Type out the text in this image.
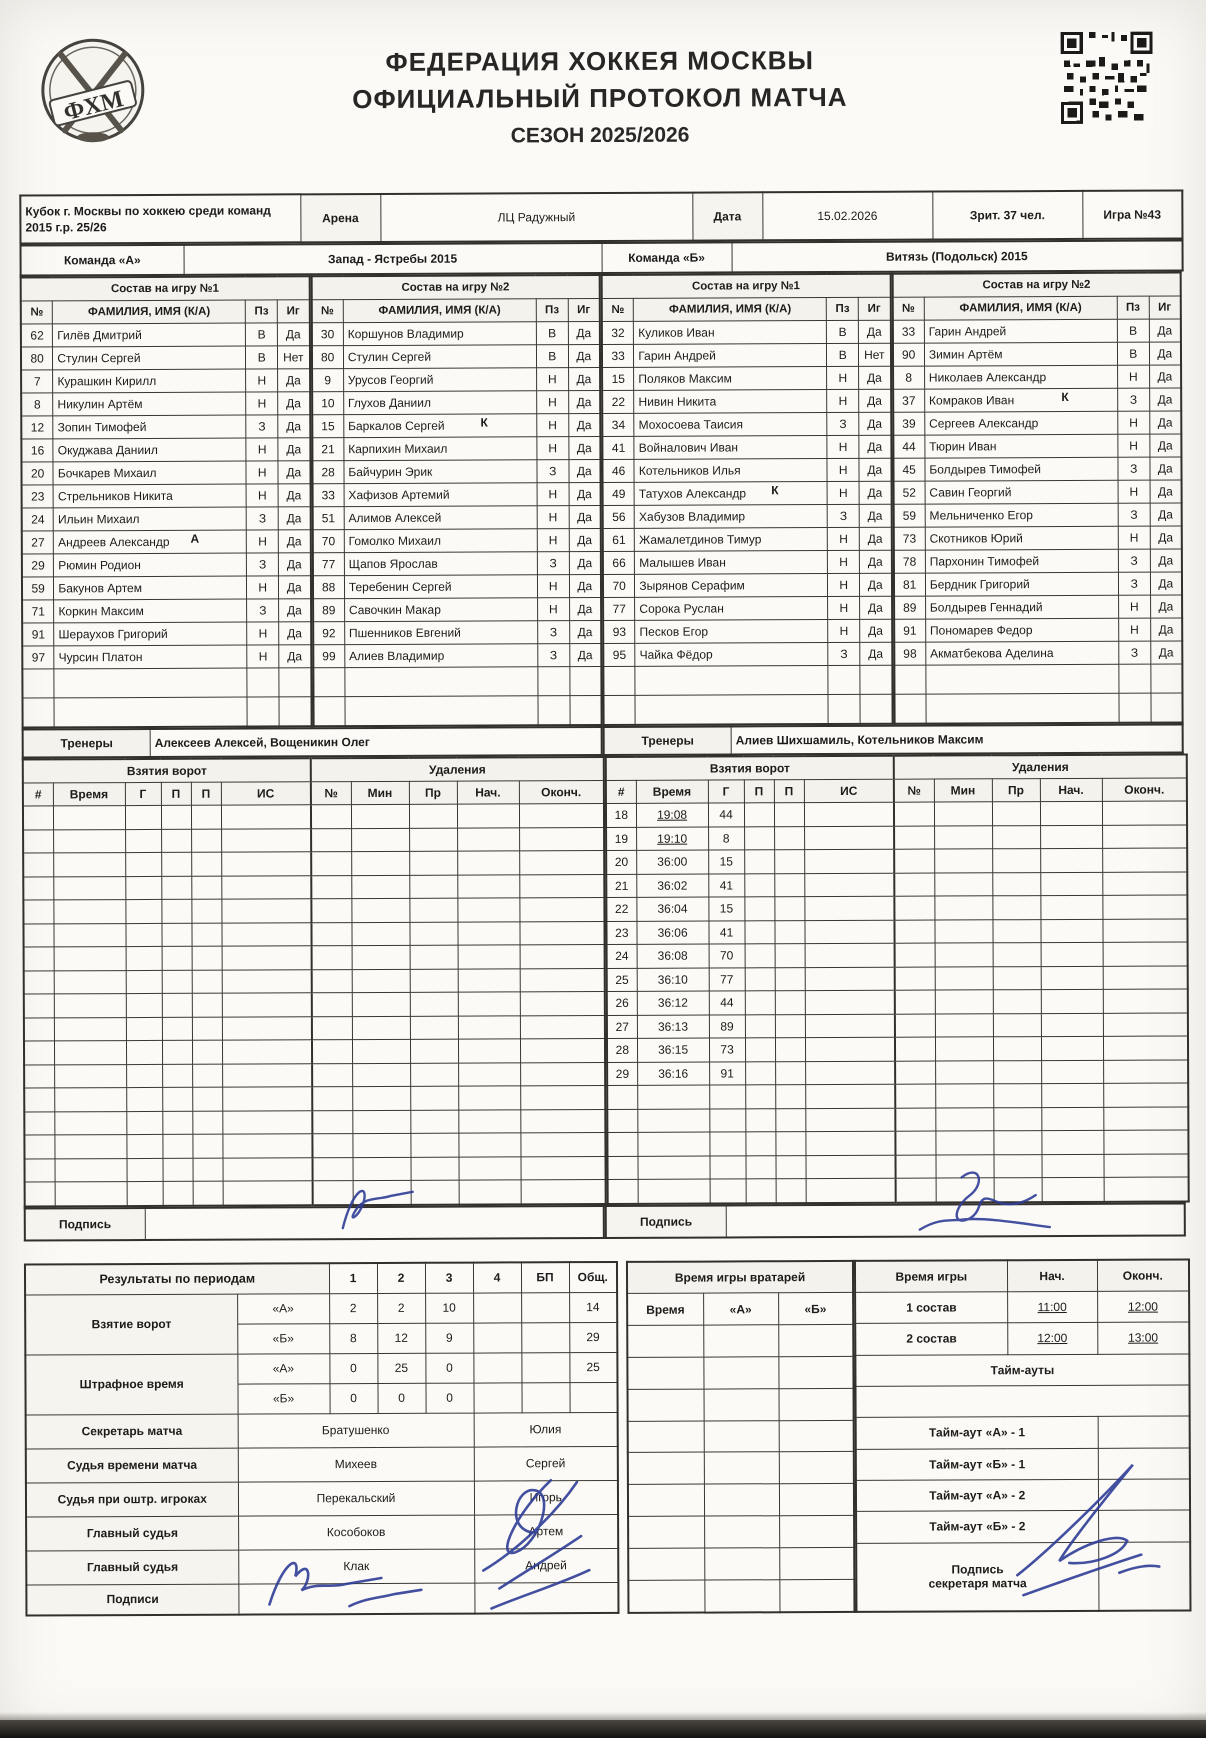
ФХМ
ФЕДЕРАЦИЯ ХОККЕЯ МОСКВЫ
ОФИЦИАЛЬНЫЙ ПРОТОКОЛ МАТЧА
СЕЗОН 2025/2026
Кубок г. Москвы по хоккею среди команд 2015 г.р. 25/26	Арена	ЛЦ Радужный	Дата	15.02.2026	Зрит. 37 чел.	Игра №43
Команда «А»	Запад - Ястребы 2015	Команда «Б»	Витязь (Подольск) 2015
Состав на игру №1			
№	ФАМИЛИЯ, ИМЯ (К/А)	Пз	Иг
62	Гилёв Дмитрий	В	Да
80	Стулин Сергей	В	Нет
7	Курашкин Кирилл	Н	Да
8	Никулин Артём	Н	Да
12	Зопин Тимофей	З	Да
16	Окуджава Даниил	Н	Да
20	Бочкарев Михаил	Н	Да
23	Стрельников Никита	Н	Да
24	Ильин Михаил	З	Да
27	Андреев Александр А	Н	Да
29	Рюмин Родион	З	Да
59	Бакунов Артем	Н	Да
71	Коркин Максим	З	Да
91	Шераухов Григорий	Н	Да
97	Чурсин Платон	Н	Да

Состав на игру №2			
№	ФАМИЛИЯ, ИМЯ (К/А)	Пз	Иг
30	Коршунов Владимир	В	Да
80	Стулин Сергей	В	Да
9	Урусов Георгий	Н	Да
10	Глухов Даниил	Н	Да
15	Баркалов Сергей К	Н	Да
21	Карпихин Михаил	Н	Да
28	Байчурин Эрик	З	Да
33	Хафизов Артемий	Н	Да
51	Алимов Алексей	Н	Да
70	Гомолко Михаил	Н	Да
77	Щапов Ярослав	З	Да
88	Теребенин Сергей	Н	Да
89	Савочкин Макар	Н	Да
92	Пшенников Евгений	З	Да
99	Алиев Владимир	З	Да

Тренеры	Алексеев Алексей, Вощеникин Олег
Состав на игру №1			
№	ФАМИЛИЯ, ИМЯ (К/А)	Пз	Иг
32	Куликов Иван	В	Да
33	Гарин Андрей	В	Нет
15	Поляков Максим	Н	Да
22	Нивин Никита	Н	Да
34	Мохосоева Таисия	З	Да
41	Войналович Иван	Н	Да
46	Котельников Илья	Н	Да
49	Татухов Александр К	Н	Да
56	Хабузов Владимир	З	Да
61	Жамалетдинов Тимур	Н	Да
66	Малышев Иван	Н	Да
70	Зырянов Серафим	Н	Да
77	Сорока Руслан	Н	Да
93	Песков Егор	Н	Да
95	Чайка Фёдор	З	Да

Состав на игру №2			
№	ФАМИЛИЯ, ИМЯ (К/А)	Пз	Иг
33	Гарин Андрей	В	Да
90	Зимин Артём	В	Да
8	Николаев Александр	Н	Да
37	Комраков Иван К	З	Да
39	Сергеев Александр	Н	Да
44	Тюрин Иван	Н	Да
45	Болдырев Тимофей	З	Да
52	Савин Георгий	Н	Да
59	Мельниченко Егор	З	Да
73	Скотников Юрий	Н	Да
78	Пархонин Тимофей	З	Да
81	Бердник Григорий	З	Да
89	Болдырев Геннадий	Н	Да
91	Пономарев Федор	Н	Да
98	Акматбекова Аделина	З	Да

Тренеры	Алиев Шихшамиль, Котельников Максим
Взятия ворот						Удаления				
#	Время	Г	П	П	ИС	№	Мин	Пр	Нач.	Оконч.

Взятия ворот						Удаления				
#	Время	Г	П	П	ИС	№	Мин	Пр	Нач.	Оконч.
18	19:08	44								
19	19:10	8								
20	36:00	15								
21	36:02	41								
22	36:04	15								
23	36:06	41								
24	36:08	70								
25	36:10	77								
26	36:12	44								
27	36:13	89								
28	36:15	73								
29	36:16	91								

Подпись		Подпись	
Результаты по периодам		1	2	3	4	БП	Общ.
Взятие ворот	«А»	2	2	10			14
	«Б»	8	12	9			29
Штрафное время	«А»	0	25	0			25
	«Б»	0	0	0			
Секретарь матча	Братушенко				Юлия		
Судья времени матча	Михеев				Сергей		
Судья при оштр. игроках	Перекальский				Игорь		
Главный судья	Кособоков				Артем		
Главный судья	Клак				Андрей		
Подписи							
Время игры вратарей		
Время	«А»	«Б»

Время игры	Нач.	Оконч.
1 состав	11:00	12:00
2 состав	12:00	13:00
Тайм-ауты		

Тайм-аут «А» - 1		
Тайм-аут «Б» - 1		
Тайм-аут «А» - 2		
Тайм-аут «Б» - 2		
Подпись
секретаря матча		
